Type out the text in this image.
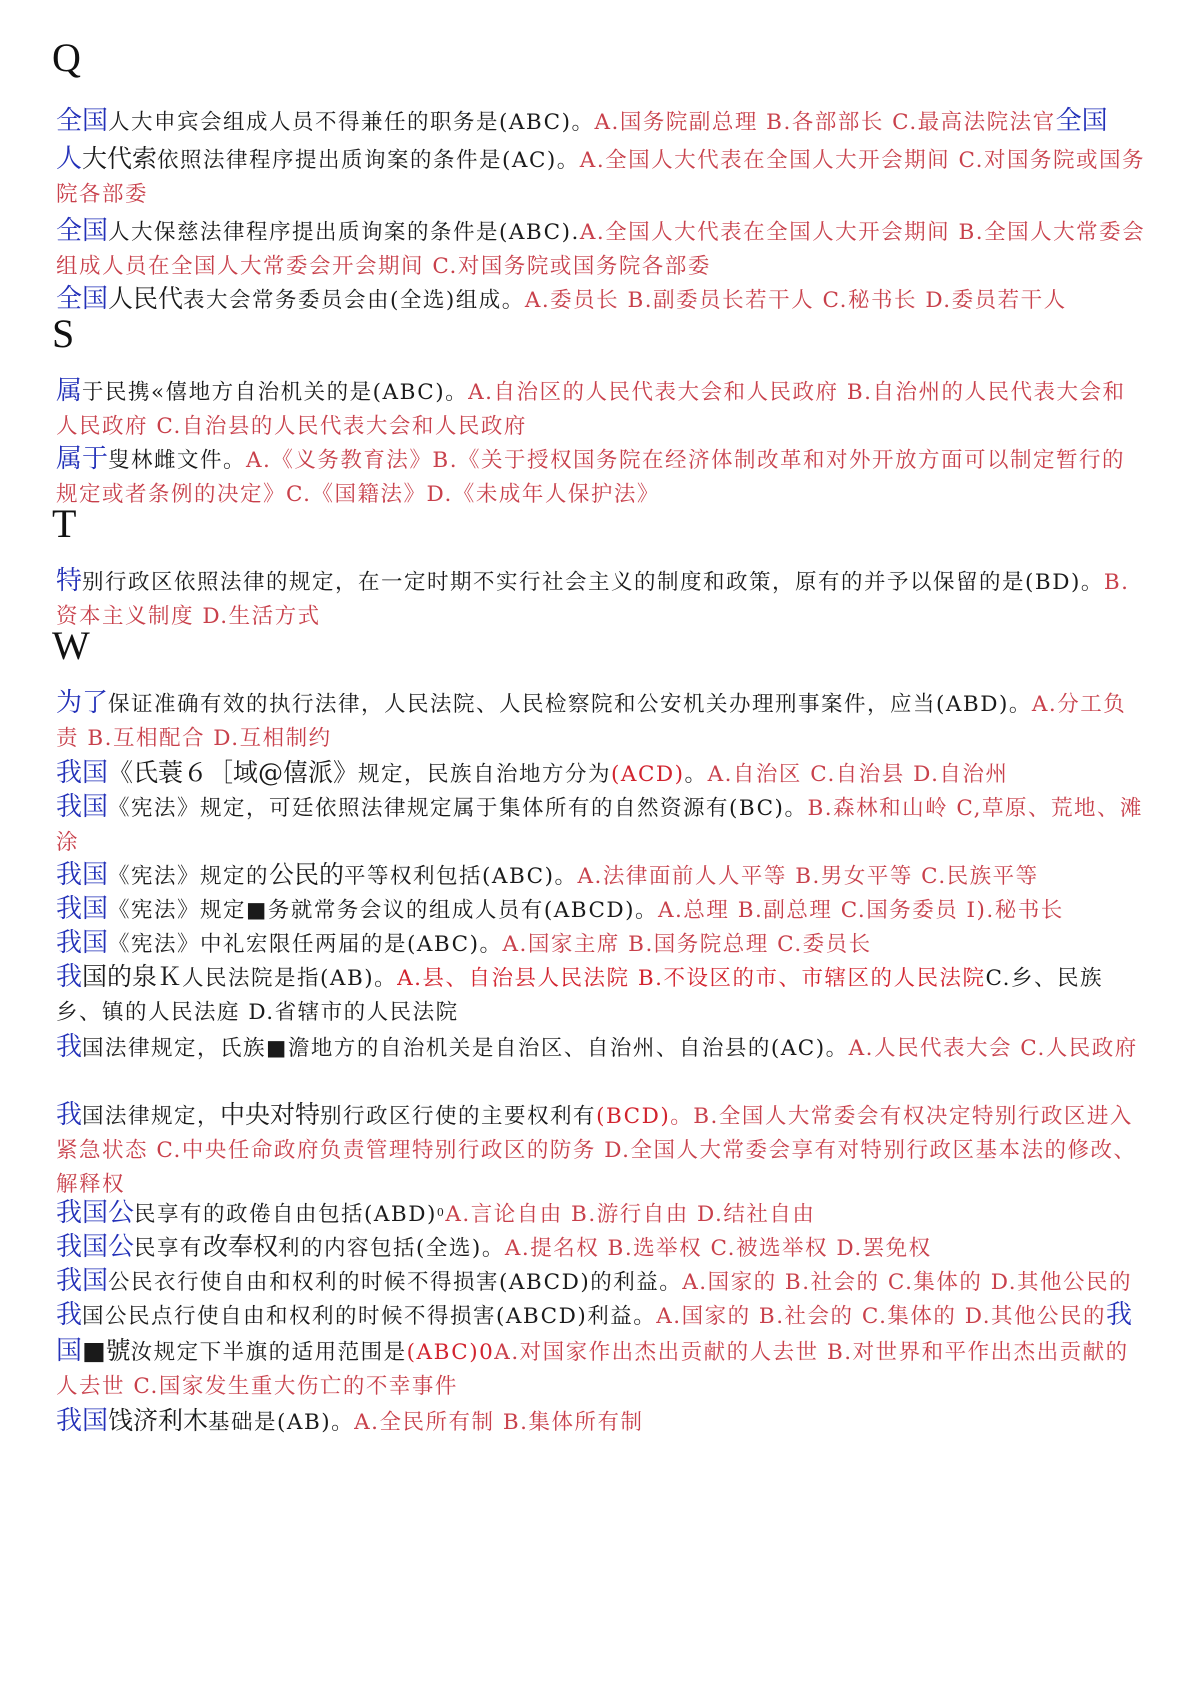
Q
全国人大申宾会组成人员不得兼任的职务是(ABC)。A.国务院副总理 B.各部部长 C.最高法院法官全国
人大代索依照法律程序提出质询案的条件是(AC)。A.全国人大代表在全国人大开会期间 C.对国务院或国务院各部委
全国人大保慈法律程序提出质询案的条件是(ABC).A.全国人大代表在全国人大开会期间 B.全国人大常委会组成人员在全国人大常委会开会期间 C.对国务院或国务院各部委
全国人民代表大会常务委员会由(全选)组成。A.委员长 B.副委员长若干人 C.秘书长 D.委员若干人
S
属于民携«僖地方自治机关的是(ABC)。A.自治区的人民代表大会和人民政府 B.自治州的人民代表大会和人民政府 C.自治县的人民代表大会和人民政府
属于叟林雌文件。A.《义务教育法》B.《关于授权国务院在经济体制改革和对外开放方面可以制定暂行的规定或者条例的决定》C.《国籍法》D.《未成年人保护法》
T
特别行政区依照法律的规定，在一定时期不实行社会主义的制度和政策，原有的并予以保留的是(BD)。B.资本主义制度 D.生活方式
W
为了保证准确有效的执行法律，人民法院、人民检察院和公安机关办理刑事案件，应当(ABD)。A.分工负责 B.互相配合 D.互相制约
我国《氏蓑６［域@僖派》规定，民族自治地方分为(ACD)。A.自治区 C.自治县 D.自治州
我国《宪法》规定，可廷依照法律规定属于集体所有的自然资源有(BC)。B.森林和山岭 C,草原、荒地、滩涂
我国《宪法》规定的公民的平等权利包括(ABC)。A.法律面前人人平等 B.男女平等 C.民族平等
我国《宪法》规定■务就常务会议的组成人员有(ABCD)。A.总理 B.副总理 C.国务委员 I).秘书长
我国《宪法》中礼宏限任两届的是(ABC)。A.国家主席 B.国务院总理 C.委员长
我国的泉Ｋ人民法院是指(AB)。A.县、自治县人民法院 B.不设区的市、市辖区的人民法院C.乡、民族乡、镇的人民法庭 D.省辖市的人民法院
我国法律规定，氏族■澹地方的自治机关是自治区、自治州、自治县的(AC)。A.人民代表大会 C.人民政府
我国法律规定，中央对特别行政区行使的主要权利有(BCD)。B.全国人大常委会有权决定特别行政区进入紧急状态 C.中央任命政府负责管理特别行政区的防务 D.全国人大常委会享有对特别行政区基本法的修改、解释权
我国公民享有的政倦自由包括(ABD)$^0$A.言论自由 B.游行自由 D.结社自由
我国公民享有改奉权利的内容包括(全选)。A.提名权 B.选举权 C.被选举权 D.罢免权
我国公民衣行使自由和权利的时候不得损害(ABCD)的利益。A.国家的 B.社会的 C.集体的 D.其他公民的
我国公民点行使自由和权利的时候不得损害(ABCD)利益。A.国家的 B.社会的 C.集体的 D.其他公民的我
国■號汝规定下半旗的适用范围是(ABC)0A.对国家作出杰出贡献的人去世 B.对世界和平作出杰出贡献的人去世 C.国家发生重大伤亡的不幸事件
我国饯济利木基础是(AB)。A.全民所有制 B.集体所有制
